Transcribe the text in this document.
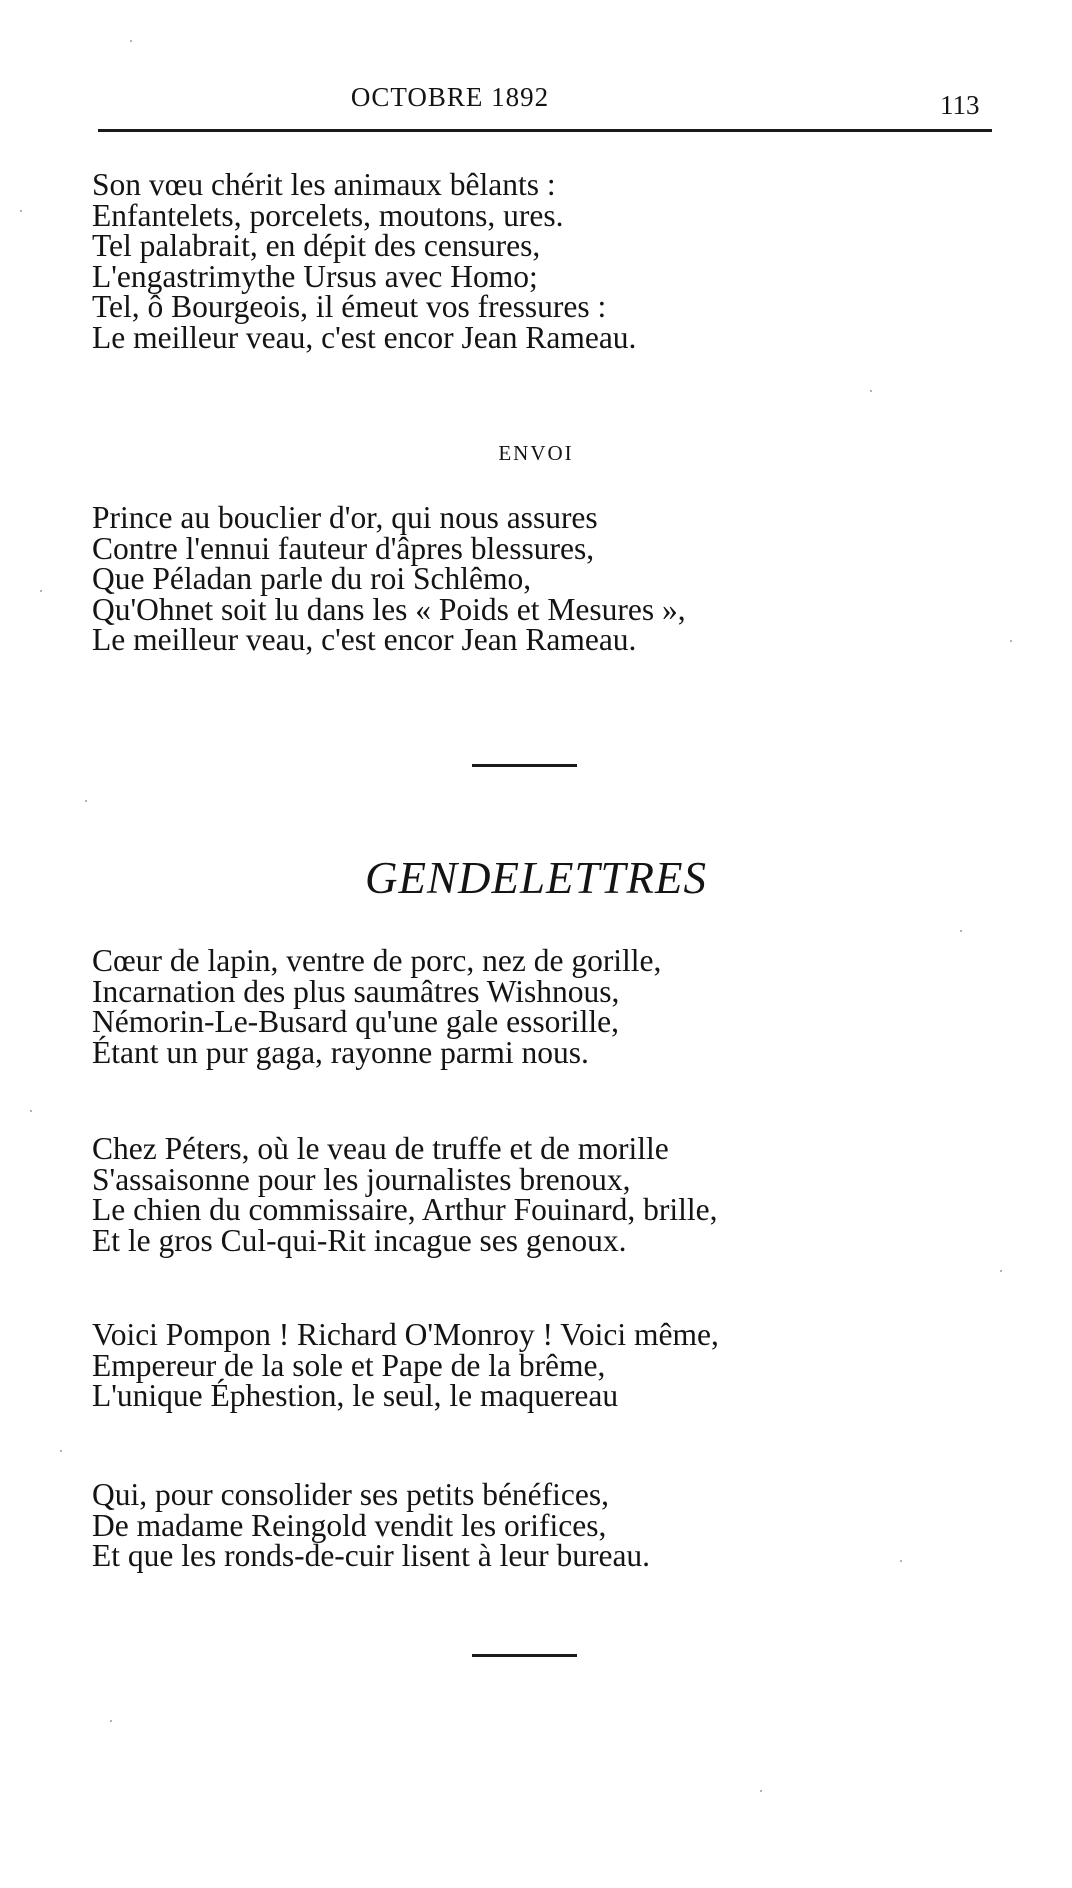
OCTOBRE 1892	113
Son vœu chérit les animaux bêlants :
Enfantelets, porcelets, moutons, ures.
Tel palabrait, en dépit des censures,
L'engastrimythe Ursus avec Homo;
Tel, ô Bourgeois, il émeut vos fressures :
Le meilleur veau, c'est encor Jean Rameau.
ENVOI
Prince au bouclier d'or, qui nous assures
Contre l'ennui fauteur d'âpres blessures,
Que Péladan parle du roi Schlêmo,
Qu'Ohnet soit lu dans les « Poids et Mesures »,
Le meilleur veau, c'est encor Jean Rameau.
GENDELETTRES
Cœur de lapin, ventre de porc, nez de gorille,
Incarnation des plus saumâtres Wishnous,
Némorin-Le-Busard qu'une gale essorille,
Étant un pur gaga, rayonne parmi nous.
Chez Péters, où le veau de truffe et de morille
S'assaisonne pour les journalistes brenoux,
Le chien du commissaire, Arthur Fouinard, brille,
Et le gros Cul-qui-Rit incague ses genoux.
Voici Pompon ! Richard O'Monroy ! Voici même,
Empereur de la sole et Pape de la brême,
L'unique Éphestion, le seul, le maquereau
Qui, pour consolider ses petits bénéfices,
De madame Reingold vendit les orifices,
Et que les ronds-de-cuir lisent à leur bureau.
